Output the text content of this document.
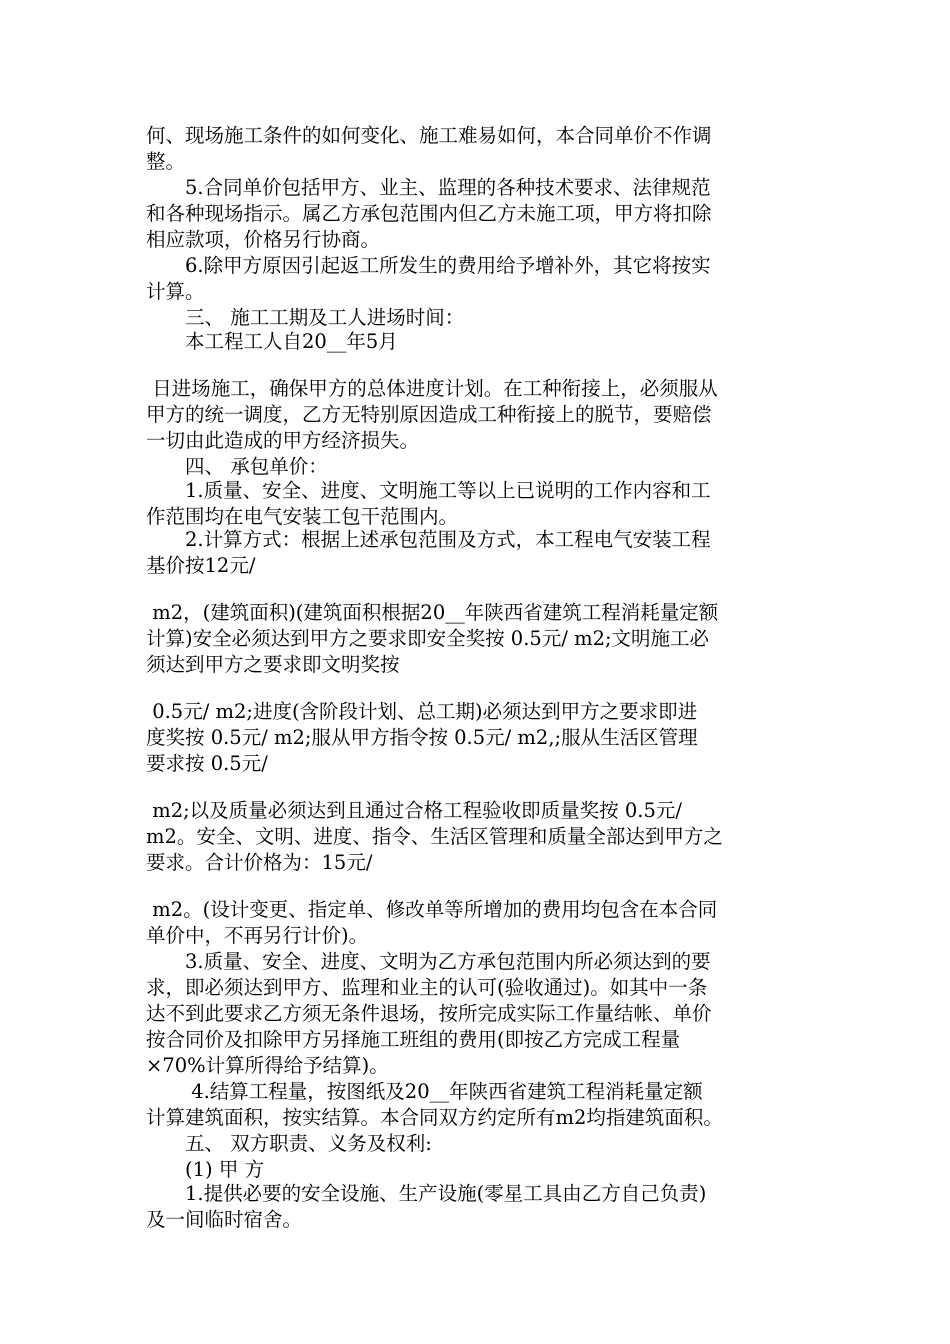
何、现场施工条件的如何变化、施工难易如何，本合同单价不作调
整。
　　5.合同单价包括甲方、业主、监理的各种技术要求、法律规范
和各种现场指示。属乙方承包范围内但乙方未施工项，甲方将扣除
相应款项，价格另行协商。
　　6.除甲方原因引起返工所发生的费用给予增补外，其它将按实
计算。
　　三、 施工工期及工人进场时间：
　　本工程工人自20__年5月
日进场施工，确保甲方的总体进度计划。在工种衔接上，必须服从
甲方的统一调度，乙方无特别原因造成工种衔接上的脱节，要赔偿
一切由此造成的甲方经济损失。
　　四、 承包单价：
　　1.质量、安全、进度、文明施工等以上已说明的工作内容和工
作范围均在电气安装工包干范围内。
　　2.计算方式：根据上述承包范围及方式，本工程电气安装工程
基价按12元/
m2，(建筑面积)(建筑面积根据20__年陕西省建筑工程消耗量定额
计算)安全必须达到甲方之要求即安全奖按 0.5元/ m2;文明施工必
须达到甲方之要求即文明奖按
0.5元/ m2;进度(含阶段计划、总工期)必须达到甲方之要求即进
度奖按 0.5元/ m2;服从甲方指令按 0.5元/ m2,;服从生活区管理
要求按 0.5元/
m2;以及质量必须达到且通过合格工程验收即质量奖按 0.5元/
m2。安全、文明、进度、指令、生活区管理和质量全部达到甲方之
要求。合计价格为：15元/
m2。(设计变更、指定单、修改单等所增加的费用均包含在本合同
单价中，不再另行计价)。
　　3.质量、安全、进度、文明为乙方承包范围内所必须达到的要
求，即必须达到甲方、监理和业主的认可(验收通过)。如其中一条
达不到此要求乙方须无条件退场，按所完成实际工作量结帐、单价
按合同价及扣除甲方另择施工班组的费用(即按乙方完成工程量
×70%计算所得给予结算)。
　　 4.结算工程量，按图纸及20__年陕西省建筑工程消耗量定额
计算建筑面积，按实结算。本合同双方约定所有m2均指建筑面积。
　　五、 双方职责、义务及权利:
　　(1) 甲 方
　　1.提供必要的安全设施、生产设施(零星工具由乙方自己负责)
及一间临时宿舍。
